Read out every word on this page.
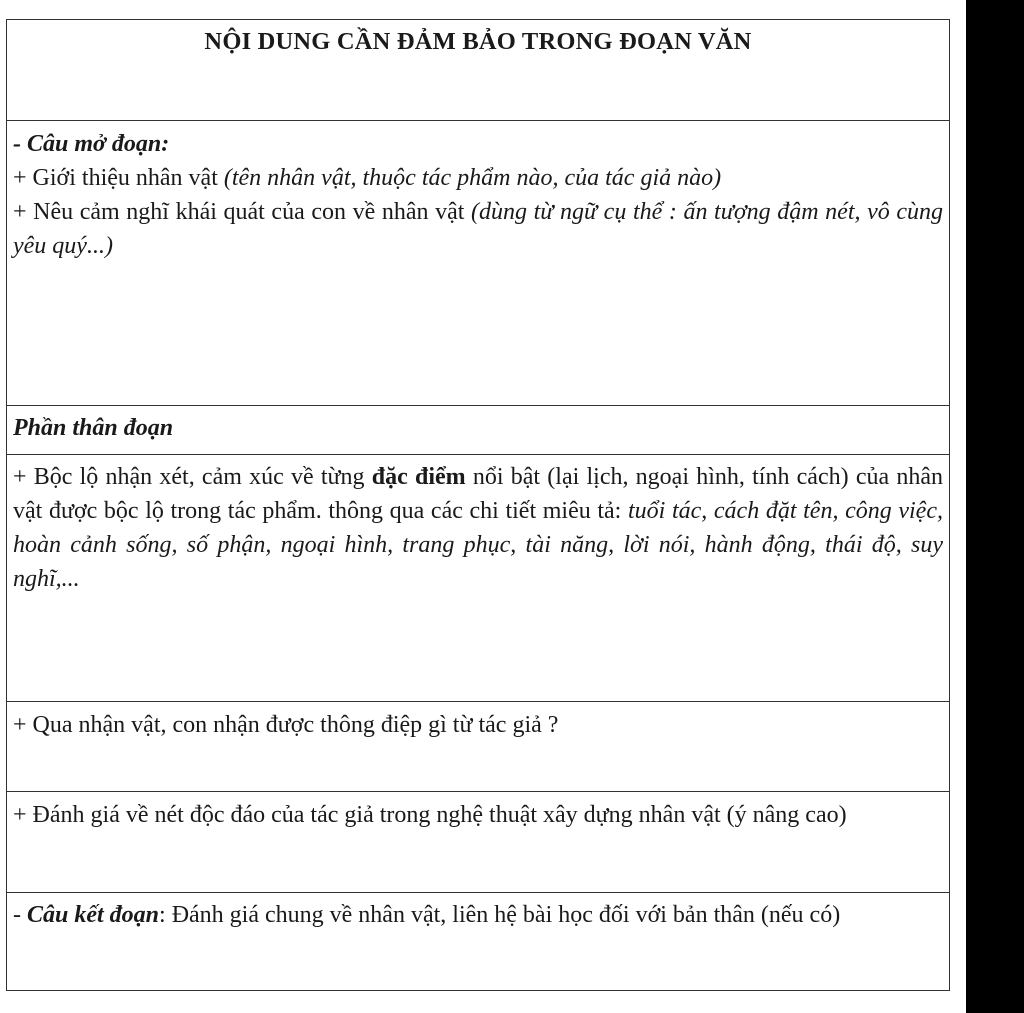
NỘI DUNG CẦN ĐẢM BẢO TRONG ĐOẠN VĂN
- Câu mở đoạn:
+ Giới thiệu nhân vật (tên nhân vật, thuộc tác phẩm nào, của tác giả nào)
+ Nêu cảm nghĩ khái quát của con về nhân vật (dùng từ ngữ cụ thể : ấn tượng đậm nét, vô cùng yêu quý...)
Phần thân đoạn
+ Bộc lộ nhận xét, cảm xúc về từng đặc điểm nổi bật (lại lịch, ngoại hình, tính cách) của nhân vật được bộc lộ trong tác phẩm. thông qua các chi tiết miêu tả: tuổi tác, cách đặt tên, công việc, hoàn cảnh sống, số phận, ngoại hình, trang phục, tài năng, lời nói, hành động, thái độ, suy nghĩ,...
+ Qua nhận vật, con nhận được thông điệp gì từ tác giả ?
+ Đánh giá về nét độc đáo của tác giả trong nghệ thuật xây dựng nhân vật (ý nâng cao)
- Câu kết đoạn: Đánh giá chung về nhân vật, liên hệ bài học đối với bản thân (nếu có)
